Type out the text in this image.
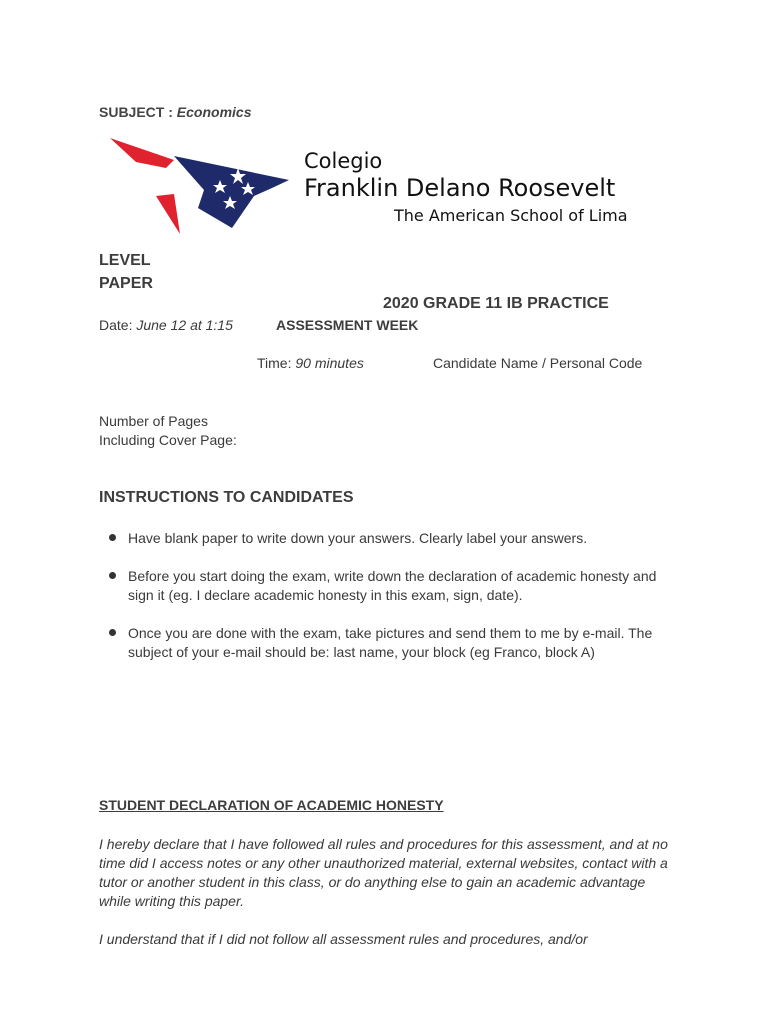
SUBJECT : Economics
Colegio
Franklin Delano Roosevelt
The American School of Lima
LEVEL
PAPER
2020 GRADE 11 IB PRACTICE
Date: June 12 at 1:15	ASSESSMENT WEEK
Time: 90 minutes	Candidate Name / Personal Code
Number of Pages
Including Cover Page:
INSTRUCTIONS TO CANDIDATES
Have blank paper to write down your answers. Clearly label your answers.
Before you start doing the exam, write down the declaration of academic honesty and sign it (eg. I declare academic honesty in this exam, sign, date).
Once you are done with the exam, take pictures and send them to me by e-mail. The subject of your e-mail should be: last name, your block (eg Franco, block A)
STUDENT DECLARATION OF ACADEMIC HONESTY

I hereby declare that I have followed all rules and procedures for this assessment, and at no time did I access notes or any other unauthorized material, external websites, contact with a tutor or another student in this class, or do anything else to gain an academic advantage while writing this paper.

I understand that if I did not follow all assessment rules and procedures, and/or
